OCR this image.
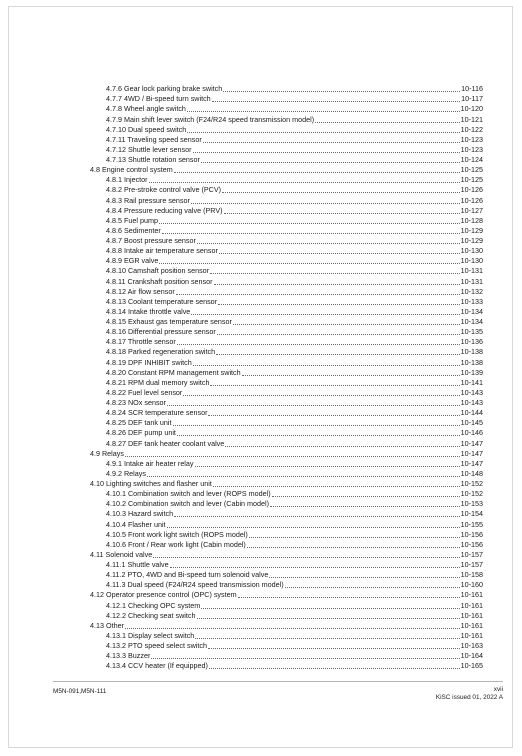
4.7.6 Gear lock parking brake switch	10-116
4.7.7 4WD / Bi-speed turn switch	10-117
4.7.8 Wheel angle switch	10-120
4.7.9 Main shift lever switch (F24/R24 speed transmission model)	10-121
4.7.10 Dual speed switch	10-122
4.7.11 Traveling speed sensor	10-123
4.7.12 Shuttle lever sensor	10-123
4.7.13 Shuttle rotation sensor	10-124
4.8 Engine control system	10-125
4.8.1 Injector	10-125
4.8.2 Pre-stroke control valve (PCV)	10-126
4.8.3 Rail pressure sensor	10-126
4.8.4 Pressure reducing valve (PRV)	10-127
4.8.5 Fuel pump	10-128
4.8.6 Sedimenter	10-129
4.8.7 Boost pressure sensor	10-129
4.8.8 Intake air temperature sensor	10-130
4.8.9 EGR valve	10-130
4.8.10 Camshaft position sensor	10-131
4.8.11 Crankshaft position sensor	10-131
4.8.12 Air flow sensor	10-132
4.8.13 Coolant temperature sensor	10-133
4.8.14 Intake throttle valve	10-134
4.8.15 Exhaust gas temperature sensor	10-134
4.8.16 Differential pressure sensor	10-135
4.8.17 Throttle sensor	10-136
4.8.18 Parked regeneration switch	10-138
4.8.19 DPF INHIBIT switch	10-138
4.8.20 Constant RPM management switch	10-139
4.8.21 RPM dual memory switch	10-141
4.8.22 Fuel level sensor	10-143
4.8.23 NOx sensor	10-143
4.8.24 SCR temperature sensor	10-144
4.8.25 DEF tank unit	10-145
4.8.26 DEF pump unit	10-146
4.8.27 DEF tank heater coolant valve	10-147
4.9 Relays	10-147
4.9.1 Intake air heater relay	10-147
4.9.2 Relays	10-148
4.10 Lighting switches and flasher unit	10-152
4.10.1 Combination switch and lever (ROPS model)	10-152
4.10.2 Combination switch and lever (Cabin model)	10-153
4.10.3 Hazard switch	10-154
4.10.4 Flasher unit	10-155
4.10.5 Front work light switch (ROPS model)	10-156
4.10.6 Front / Rear work light (Cabin model)	10-156
4.11 Solenoid valve	10-157
4.11.1 Shuttle valve	10-157
4.11.2 PTO, 4WD and Bi-speed turn solenoid valve	10-158
4.11.3 Dual speed (F24/R24 speed transmission model)	10-160
4.12 Operator presence control (OPC) system	10-161
4.12.1 Checking OPC system	10-161
4.12.2 Checking seat switch	10-161
4.13 Other	10-161
4.13.1 Display select switch	10-161
4.13.2 PTO speed select switch	10-163
4.13.3 Buzzer	10-164
4.13.4 CCV heater (If equipped)	10-165
M5N-091,M5N-111	xvii
KiSC issued 01, 2022 A
